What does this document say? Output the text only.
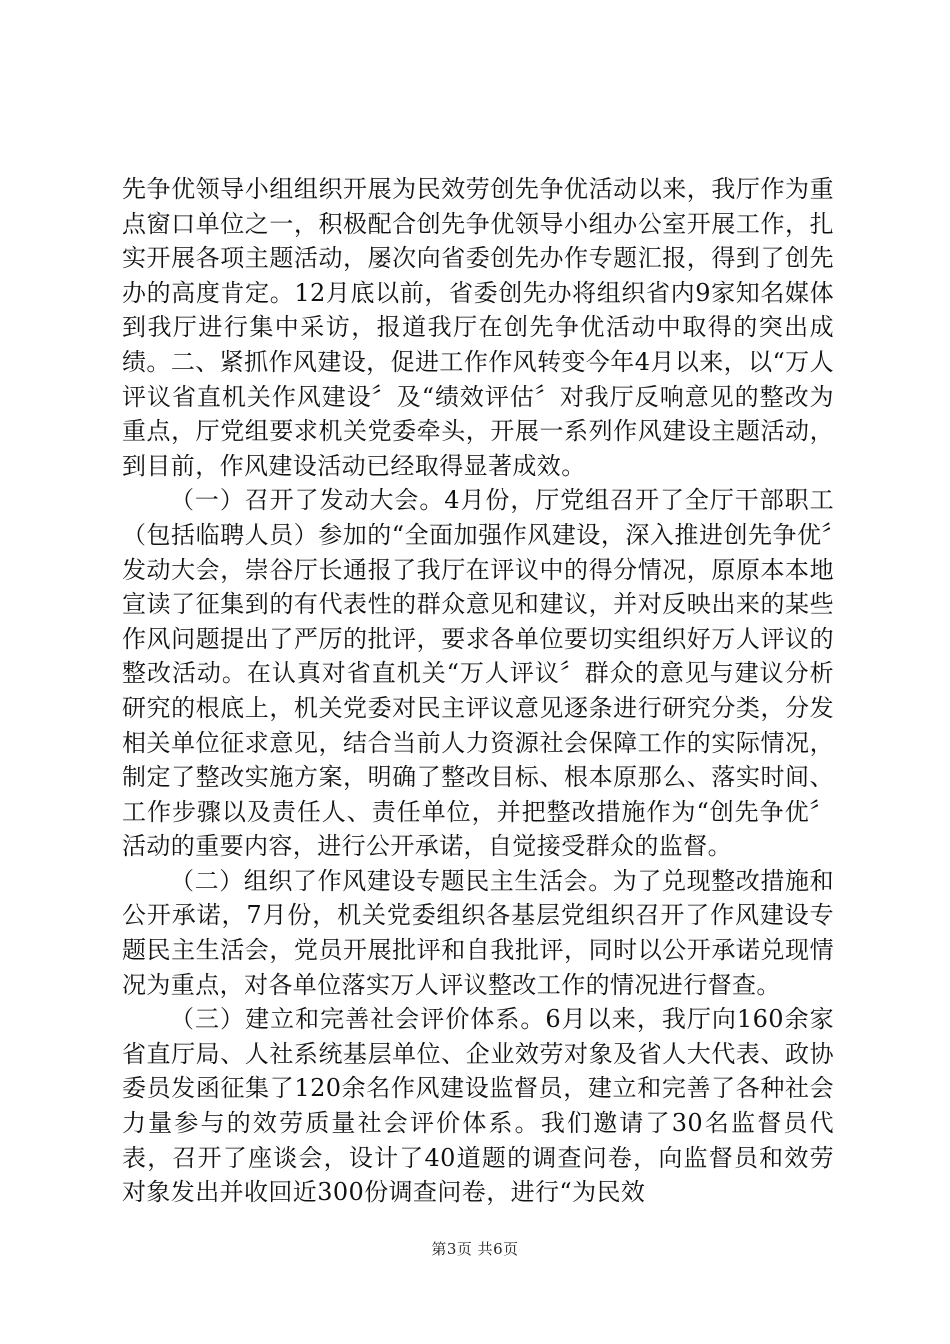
先争优领导小组组织开展为民效劳创先争优活动以来，我厅作为重点窗口单位之一，积极配合创先争优领导小组办公室开展工作，扎实开展各项主题活动，屡次向省委创先办作专题汇报，得到了创先办的高度肯定。12月底以前，省委创先办将组织省内9家知名媒体到我厅进行集中采访，报道我厅在创先争优活动中取得的突出成绩。二、紧抓作风建设，促进工作作风转变今年4月以来，以“万人评议省直机关作风建设〞及“绩效评估〞对我厅反响意见的整改为重点，厅党组要求机关党委牵头，开展一系列作风建设主题活动，到目前，作风建设活动已经取得显著成效。

（一）召开了发动大会。4月份，厅党组召开了全厅干部职工（包括临聘人员）参加的“全面加强作风建设，深入推进创先争优〞发动大会，崇谷厅长通报了我厅在评议中的得分情况，原原本本地宣读了征集到的有代表性的群众意见和建议，并对反映出来的某些作风问题提出了严厉的批评，要求各单位要切实组织好万人评议的整改活动。在认真对省直机关“万人评议〞群众的意见与建议分析研究的根底上，机关党委对民主评议意见逐条进行研究分类，分发相关单位征求意见，结合当前人力资源社会保障工作的实际情况，制定了整改实施方案，明确了整改目标、根本原那么、落实时间、工作步骤以及责任人、责任单位，并把整改措施作为“创先争优〞活动的重要内容，进行公开承诺，自觉接受群众的监督。

（二）组织了作风建设专题民主生活会。为了兑现整改措施和公开承诺，7月份，机关党委组织各基层党组织召开了作风建设专题民主生活会，党员开展批评和自我批评，同时以公开承诺兑现情况为重点，对各单位落实万人评议整改工作的情况进行督查。

（三）建立和完善社会评价体系。6月以来，我厅向160余家省直厅局、人社系统基层单位、企业效劳对象及省人大代表、政协委员发函征集了120余名作风建设监督员，建立和完善了各种社会力量参与的效劳质量社会评价体系。我们邀请了30名监督员代表，召开了座谈会，设计了40道题的调查问卷，向监督员和效劳对象发出并收回近300份调查问卷，进行“为民效

第3页 共6页
